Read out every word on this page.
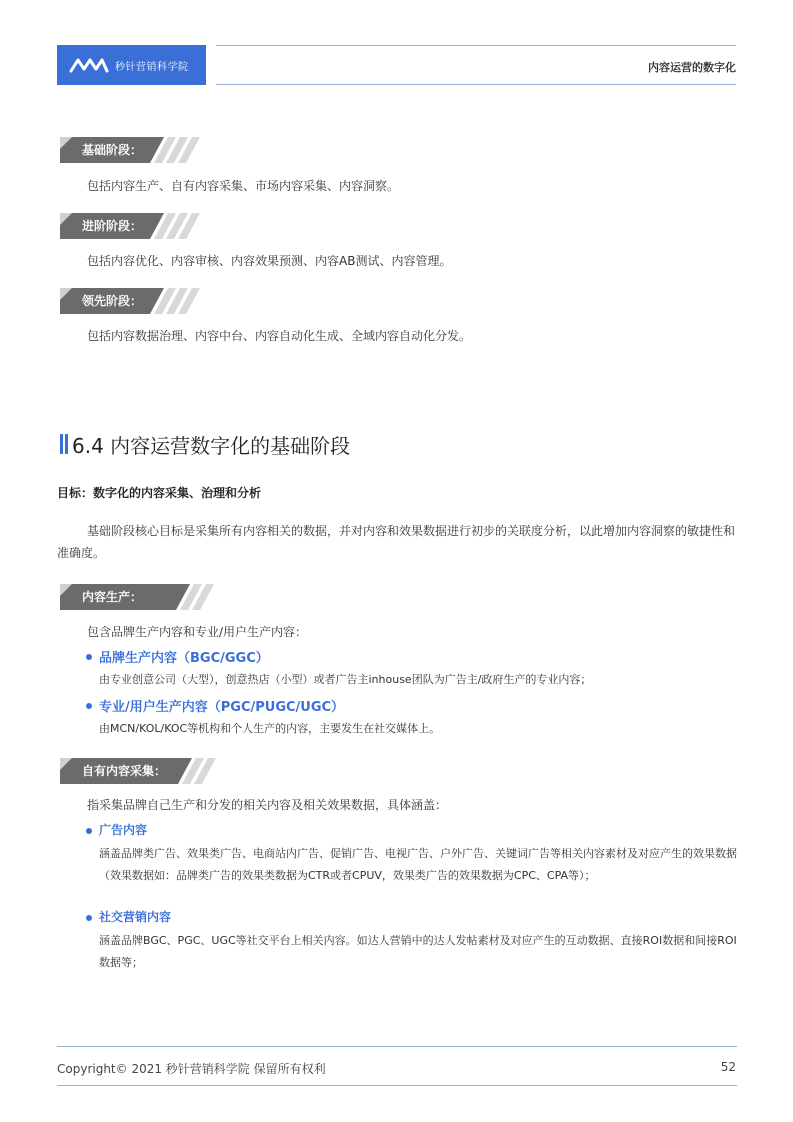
秒针营销科学院	内容运营的数字化
基础阶段：
包括内容生产、自有内容采集、市场内容采集、内容洞察。
进阶阶段：
包括内容优化、内容审核、内容效果预测、内容AB测试、内容管理。
领先阶段：
包括内容数据治理、内容中台、内容自动化生成、全域内容自动化分发。
6.4 内容运营数字化的基础阶段
目标：数字化的内容采集、治理和分析
基础阶段核心目标是采集所有内容相关的数据，并对内容和效果数据进行初步的关联度分析，以此增加内容洞察的敏捷性和准确度。
内容生产：
包含品牌生产内容和专业/用户生产内容：
品牌生产内容（BGC/GGC）
由专业创意公司（大型），创意热店（小型）或者广告主inhouse团队为广告主/政府生产的专业内容；
专业/用户生产内容（PGC/PUGC/UGC）
由MCN/KOL/KOC等机构和个人生产的内容，主要发生在社交媒体上。
自有内容采集：
指采集品牌自己生产和分发的相关内容及相关效果数据，具体涵盖：
广告内容
涵盖品牌类广告、效果类广告、电商站内广告、促销广告、电视广告、户外广告、关键词广告等相关内容素材及对应产生的效果数据（效果数据如：品牌类广告的效果类数据为CTR或者CPUV，效果类广告的效果数据为CPC、CPA等）；
社交营销内容
涵盖品牌BGC、PGC、UGC等社交平台上相关内容。如达人营销中的达人发帖素材及对应产生的互动数据、直接ROI数据和间接ROI数据等；
Copyright© 2021 秒针营销科学院 保留所有权利	52
